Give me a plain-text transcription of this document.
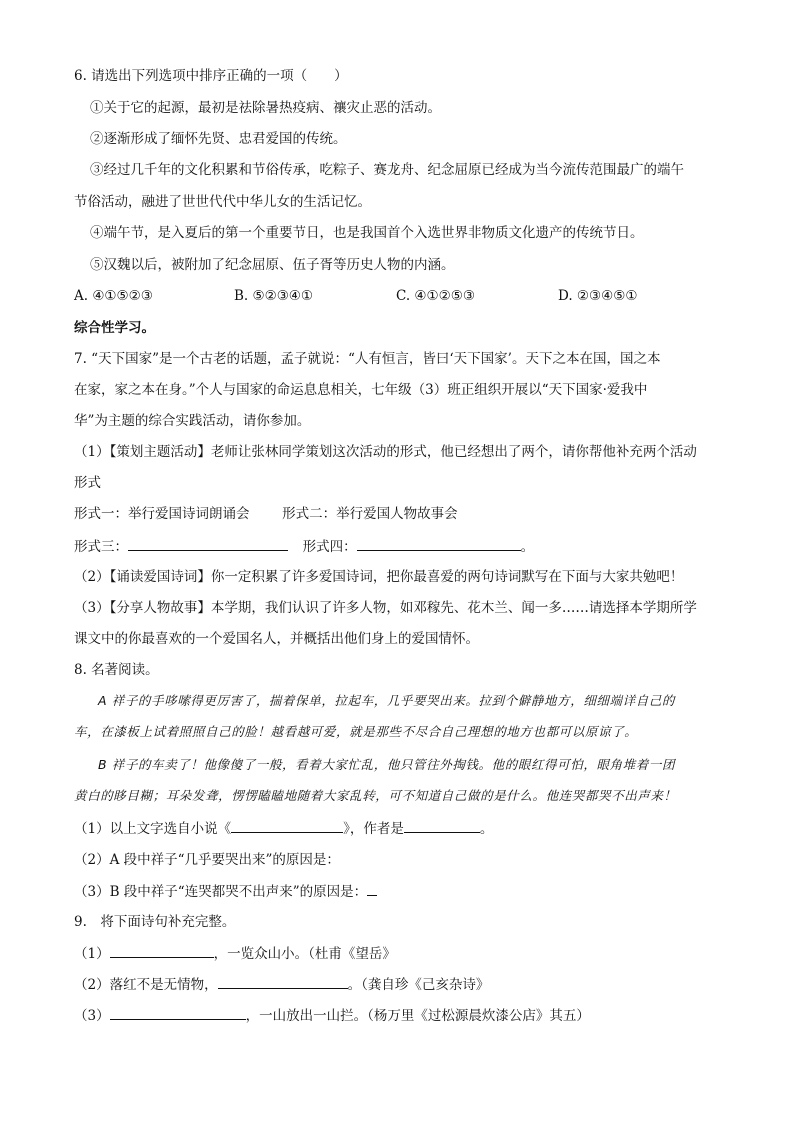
6. 请选出下列选项中排序正确的一项（　　）
①关于它的起源，最初是祛除暑热疫病、禳灾止恶的活动。
②逐渐形成了缅怀先贤、忠君爱国的传统。
③经过几千年的文化积累和节俗传承，吃粽子、赛龙舟、纪念屈原已经成为当今流传范围最广的端午
节俗活动，融进了世世代代中华儿女的生活记忆。
④端午节，是入夏后的第一个重要节日，也是我国首个入选世界非物质文化遗产的传统节日。
⑤汉魏以后，被附加了纪念屈原、伍子胥等历史人物的内涵。
A. ④①⑤②③	B. ⑤②③④①	C. ④①②⑤③	D. ②③④⑤①
综合性学习。
7. “天下国家”是一个古老的话题，孟子就说：“人有恒言，皆曰‘天下国家’。天下之本在国，国之本
在家，家之本在身。”个人与国家的命运息息相关，七年级（3）班正组织开展以“天下国家·爱我中
华”为主题的综合实践活动，请你参加。
（1）【策划主题活动】老师让张林同学策划这次活动的形式，他已经想出了两个，请你帮他补充两个活动
形式
形式一：举行爱国诗词朗诵会 形式二：举行爱国人物故事会
形式三：	形式四：	。
（2）【诵读爱国诗词】你一定积累了许多爱国诗词，把你最喜爱的两句诗词默写在下面与大家共勉吧！
（3）【分享人物故事】本学期，我们认识了许多人物，如邓稼先、花木兰、闻一多……请选择本学期所学
课文中的你最喜欢的一个爱国名人，并概括出他们身上的爱国情怀。
8. 名著阅读。
A 祥子的手哆嗦得更厉害了，揣着保单，拉起车，几乎要哭出来。拉到个僻静地方，细细端详自己的
车，在漆板上试着照照自己的脸！越看越可爱，就是那些不尽合自己理想的地方也都可以原谅了。
B 祥子的车卖了！他像傻了一般，看着大家忙乱，他只管往外掏钱。他的眼红得可怕，眼角堆着一团
黄白的眵目糊；耳朵发聋，愣愣瞌瞌地随着大家乱转，可不知道自己做的是什么。他连哭都哭不出声来！
（1）以上文字选自小说《	》，作者是	。
（2）A 段中祥子“几乎要哭出来”的原因是：
（3）B 段中祥子“连哭都哭不出声来”的原因是：
9.　将下面诗句补充完整。
（1）	，一览众山小。（杜甫《望岳》
（2）落红不是无情物，	。（龚自珍《己亥杂诗》
（3）	，一山放出一山拦。（杨万里《过松源晨炊漆公店》其五）
